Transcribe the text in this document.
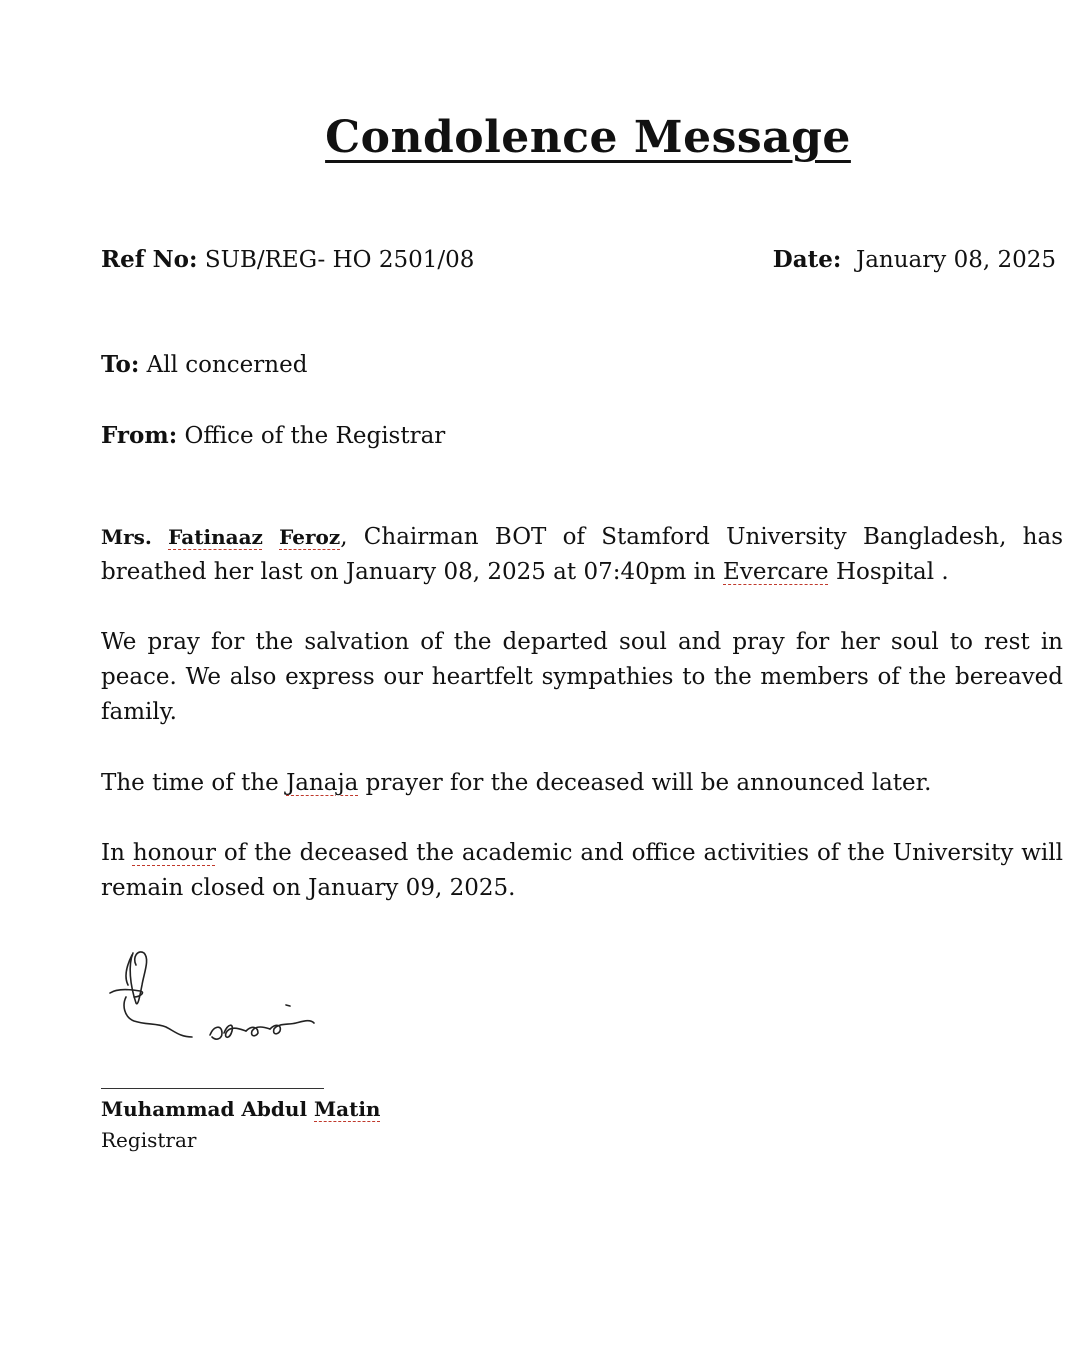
Condolence Message
Ref No: SUB/REG- HO 2501/08	Date: January 08, 2025
To: All concerned
From: Office of the Registrar
Mrs. Fatinaaz Feroz, Chairman BOT of Stamford University Bangladesh, has breathed her last on January 08, 2025 at 07:40pm in Evercare Hospital .
We pray for the salvation of the departed soul and pray for her soul to rest in peace. We also express our heartfelt sympathies to the members of the bereaved family.
The time of the Janaja prayer for the deceased will be announced later.
In honour of the deceased the academic and office activities of the University will remain closed on January 09, 2025.
Muhammad Abdul Matin
Registrar
